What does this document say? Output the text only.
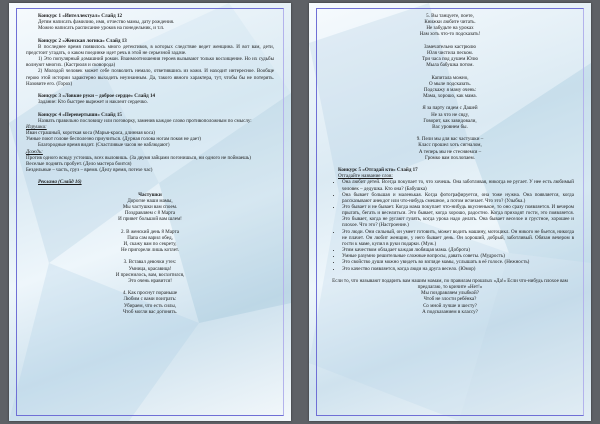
Конкурс 1 «Интеллектуал» Слайд 12

Детям написать фамилию, имя, отчество мамы, дату рождения.

Можно написать расписание уроков на понедельник, и т.п.

Конкурс 2 «Женская логика» Слайд 13

В последнее время появилось много детективов, в которых следствие ведет женщина. И вот вам, дети, предстоит угадать, о каком поединке идет речь в этой не серьезной задаче.

1) Это популярный домашний роман. Взаимоотношения героев вызывают только восхищение. Но их судьбы волнуют многих. (Кастрюля и сковорода)

2) Молодой человек может себе позволить немало, ответившись из кожи. И находит интересное. Вообще герою этой истории характерно выходить неузнанным. Да, такого явного характера, тут, чтобы бы не потерять. Назовите его. (Горох)

Конкурс 3 «Ловкие руки – доброе сердце» Слайд 14

Задание: Кто быстрее вырежет и наклеит сердечко.

Конкурс 4 «Перевертыши» Слайд 15

Назвать правильно пословицу или поговорку, заменив каждое слово противоположным по смыслу:

Игрушки:

Иван страшный, короткая коса (Марья-краса, длинная коса)

Умные поют голове бесполезно приучиться. (Дурная голова ногам покоя не дает)

Благородные время видит. (Счастливые часов не наблюдают)

Дождь:

Против одного всюду устоишь, всех выловишь. (За двумя зайцами погонишься, ни одного не поймаешь)

Веселые поднять пробует. (Дело мастера боится)

Бездельные – часть, груз – время. (Делу время, потехе час)

Реклама (Слайд 16)

Частушки

Дорогие наши мамы,

Мы частушки вам споем.

Поздравляем с 8 Марта

И привет большой вам шлем!

2. В женский день 8 Марта

Папа сам варил обед,

И, скажу вам по секрету,

Не пригорели лишь котлет.

3. Вставал девочки утех:

Умница, красавица!

И приснилось, вам, восхитился,

Это очень нравится!

4. Как проснут пораньше

Любим с вами поиграть:

Убираем, что есть силы,

Чтоб могли вас догонять.

5. Вы танцуете, поете,

Книжки любите читать.

Не забудьте на уроках

Нам хоть что-то подсказать!

Замечательно кастрюлю

Юля чистила песком.

Три часа под душем Юлю

Мыла бабушка потом.

Капитала можно,

О мыле подсказать.

Подскажу я маму очень:

Мама, хорошо, как мама.

Я за парту сядем с Дашей

Не за что не сяду,

Говорит, как завидовали,

Вас уровнем бы.

9. Пели мы для вас частушки –

Класс прошел хоть сигналом,

А теперь мы не стесняемся –

Громко вам похлопаем.

Конкурс 5 «Отгадай кто» Слайд 17

Отгадайте название слов:

• Она любит детей. Всегда покупает то, что хочешь. Она заботливая, никогда не ругает. У нее есть любимый человек – дедушка. Кто она? (Бабушка)
• Она бывает большая и маленькая. Когда фотографируется, она тоже нужна. Она появляется, когда рассказывают анекдот или что-нибудь смешное, а потом исчезает. Что это? (Улыбка.)
• Это бывает и не бывает. Когда мама покупает что-нибудь вкусненькое, то оно сразу появляется. И вечером прыгать, бегать и веселиться. Это бывает, когда хорошо, радостно. Когда приходят гости, это появляется. Это бывает, когда не ругают гулять, когда урока надо делать. Она бывает веселое и грустное, хорошее и плохое. Что это? (Настроение.)
• Это люди. Они сильный, он умеет готовить, может водить машину, мотоцикл. Он никого не бьется, никогда не плачет. Он любит женщин, у него бывает день. Он хороший, добрый, заботливый. Обязан вечером в гости к маме, купил в руки подарки. (Муж.)
• Этим качеством обладает каждая любящая мама. (Доброта)
• Умные разумно решительные сложные вопросы, давать советы. (Мудрость)
• Это свойство души можно увидеть во взгляде мамы, услышать в её голосе. (Нежность)
• Это качество появляется, когда люди на друга весело. (Юмор)

Если то, что называют подарить вам нашим мамам, по правилам прошлых «Да!» Если что-нибудь плохое вам предлагаю, то кричите «Нет!»

Мы поздравляем улыбкой?

Чтоб не злости ребёнка?

Со мной лучше и шесту?

А подсказанием в классу?
